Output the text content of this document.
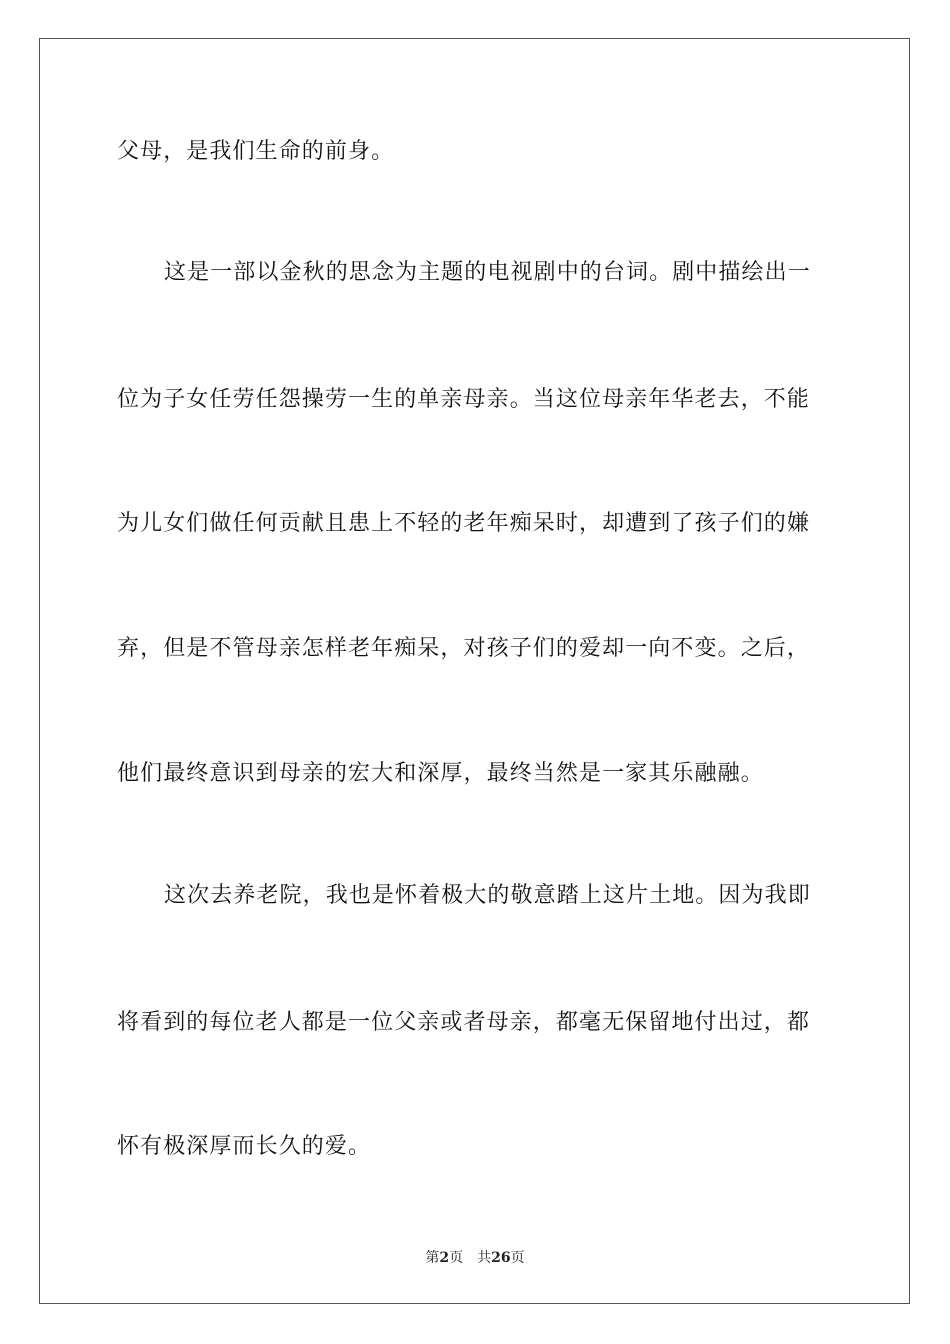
父母，是我们生命的前身。
这是一部以金秋的思念为主题的电视剧中的台词。剧中描绘出一
位为子女任劳任怨操劳一生的单亲母亲。当这位母亲年华老去，不能
为儿女们做任何贡献且患上不轻的老年痴呆时，却遭到了孩子们的嫌
弃，但是不管母亲怎样老年痴呆，对孩子们的爱却一向不变。之后，
他们最终意识到母亲的宏大和深厚，最终当然是一家其乐融融。
这次去养老院，我也是怀着极大的敬意踏上这片土地。因为我即
将看到的每位老人都是一位父亲或者母亲，都毫无保留地付出过，都
怀有极深厚而长久的爱。
第2页 共26页
